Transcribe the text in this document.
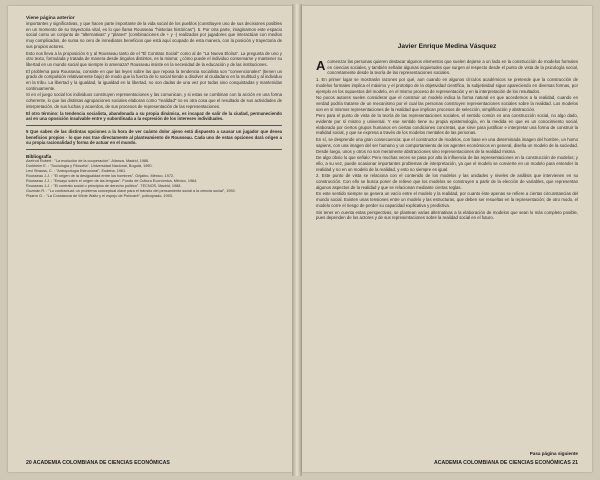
Viene página anterior

importantes y significativas, y que hacen parte importante de la vida social de los pueblos (constituyen uno de sus decisiones posibles en un momento de su trayectoria vital, es lo que llama Rousseau "historias históricas"). 5. Por otra parte, imaginarnos este espacio social como un conjunto de "alternativas" y "planes" (combinaciones de + y -) realizados por jugadores que interactúan con medios muy complicados, de suma no cero de inmediatos beneficios que está aquí ocupado de esta manera, con la posición y trayectoria de sus propios actores.

Esto nos lleva a la proposición 6 y al Rousseau tanto de el "El Contrato Social" como al de "La Nueva Eloísa". La pregunta de uno y otro texto, formulada y tratada de manera desde ángulos distintos, es la misma: ¿cómo puede el individuo conservarse y mantener su libertad en un mundo social que siempre lo amenaza? Rousseau insiste en la necesidad de la educación y de las instituciones.

El problema para Rousseau, consiste en que las leyes sobre las que reposa la tendencia socialista son "convencionales" (tienen un grado de compulsión relativamente bajo) de modo que la fuerza de lo social tiende a disolver al ciudadano en la multitud y al individuo en la tribu. La libertad y la igualdad, la igualdad en la libertad, no son dadas de una vez por todas sino conquistadas y mantenidas continuamente.

Si en el juego social los individuos construyen representaciones y las comunican, y si estas se combinan con la acción en una forma coherente, lo que las distintas agrupaciones sociales elaboran como "realidad" no es otra cosa que el resultado de sus actividades de interpretación, de sus luchas y acuerdos, de sus procesos de representación de las representaciones.

El otro término: la tendencia socialista, abandonada a su propia dinámica, es incapaz de salir de la ciudad, permaneciendo así en una oposición insalvable entre y subordinada a la expresión de los intereses individuales.

5 Que saben de las distintas opciones a la hora de ver cuánto dolor ajeno está dispuesto a causar un jugador que desea beneficios propios - lo que nos trae directamente al planteamiento de Rousseau. Cada uno de estas opciones dará origen a su propia racionalidad y forma de actuar en el mundo.

Bibliografía

Axelrod Robert : "La evolución de la cooperación". Alianza, Madrid, 1986.

Durkheim E. : "Sociología y Filosofía", Universidad Nacional, Bogotá, 1990.

Levi Strauss, C. : "Antropología Estructural", Eudeba, 1961.

Rousseau J.J. : "El origen de la desigualdad entre los hombres". Grijalbo, México, 1972.

Rousseau J.J. : "Ensayo sobre el origen de las lenguas". Fondo de Cultura Económica, México, 1984.

Rousseau J.J. : "El contrato social o principios de derecho político". TECNOS, Madrid, 1988.

Guzmán R. : "Lo contractual: un problema conceptual clave para el tránsito del pensamiento social a la ciencia social", 1992.

Pizarro G. : "La Constancia de Winie Waltz y el espejo de Poincaré", policopiado, 1993.

20 ACADEMIA COLOMBIANA DE CIENCIAS ECONÓMICAS
Javier Enrique Medina Vásquez

Acomenzar las personas quieren destacar algunos elementos que suelen dejarse a un lado en la construcción de modelos formales en ciencias sociales, y también señalar algunas inquietudes que surgen al respecto desde el punto de vista de la psicología social, concretamente desde la teoría de las representaciones sociales.

1. En primer lugar se mostrarán razones por qué, aun cuando en algunos círculos académicos se pretende que la construcción de modelos formales implica el máximo y el prototipo de la objetividad científica, la subjetividad sigue apareciendo en diversas formas, por ejemplo en los supuestos del modelo, en el mismo proceso de representación y en la interpretación de los resultados.

No pocos autores suelen considerar que el construir un modelo indica la forma natural en que accedemos a la realidad, cuando en verdad podría tratarse de un mecanismo por el cual las personas construyen representaciones sociales sobre la realidad. Los modelos son en sí mismos representaciones de la realidad que implican procesos de selección, simplificación y abstracción.

Pero para el punto de vista de la teoría de las representaciones sociales, el sentido común es una construcción social, no algo dado, evidente por sí mismo y universal. Y ese sentido tiene su propia epistemología, en la medida en que es un conocimiento social, elaborado por ciertos grupos humanos en ciertas condiciones concretas, que sirve para justificar e interpretar una forma de construir la realidad social, y que se expresa a través de los modelos mentales de las personas.

En sí, se desprende una gran consecuencia: que el constructor de modelos, con base en una determinada imagen del hombre, un homo sapiens, con una imagen del ser humano y un comportamiento de los agentes económicos en general, diseña un modelo de la sociedad. Desde luego, unos y otros no son meramente abstracciones sino representaciones de la realidad misma.

De algo obvio lo que señalo: Pero muchas veces se pasa por alto la influencia de las representaciones en la construcción de modelos; y ello, a su vez, puede ocasionar importantes problemas de interpretación, ya que el modelo se convierte en un modelo para entender la realidad y no en un modelo de la realidad, y esto no siempre es igual.

2. Este punto de vista se relaciona con el contenido de los modelos y las unidades y niveles de análisis que intervienen en su construcción. Con ello se busca poner de relieve que los modelos se construyen a partir de la elección de variables, que representan algunos aspectos de la realidad y que se relacionan mediante ciertas reglas.

En este sentido siempre se genera un vacío entre el modelo y la realidad, por cuanto éste apenas se refiere a ciertas circunstancias del mundo social. Existen unas tensiones entre un modelo y las estructuras, que deben ser resueltas en la representación; de otro modo, el modelo corre el riesgo de perder su capacidad explicativa y predictiva.

Sin tener en cuenta estas perspectivas, se plantean varias alternativas a la elaboración de modelos que sean lo más completo posible, pues dependen de los actores y de sus representaciones sobre la realidad social en el futuro.

Pasa página siguiente
ACADEMIA COLOMBIANA DE CIENCIAS ECONÓMICAS 21
